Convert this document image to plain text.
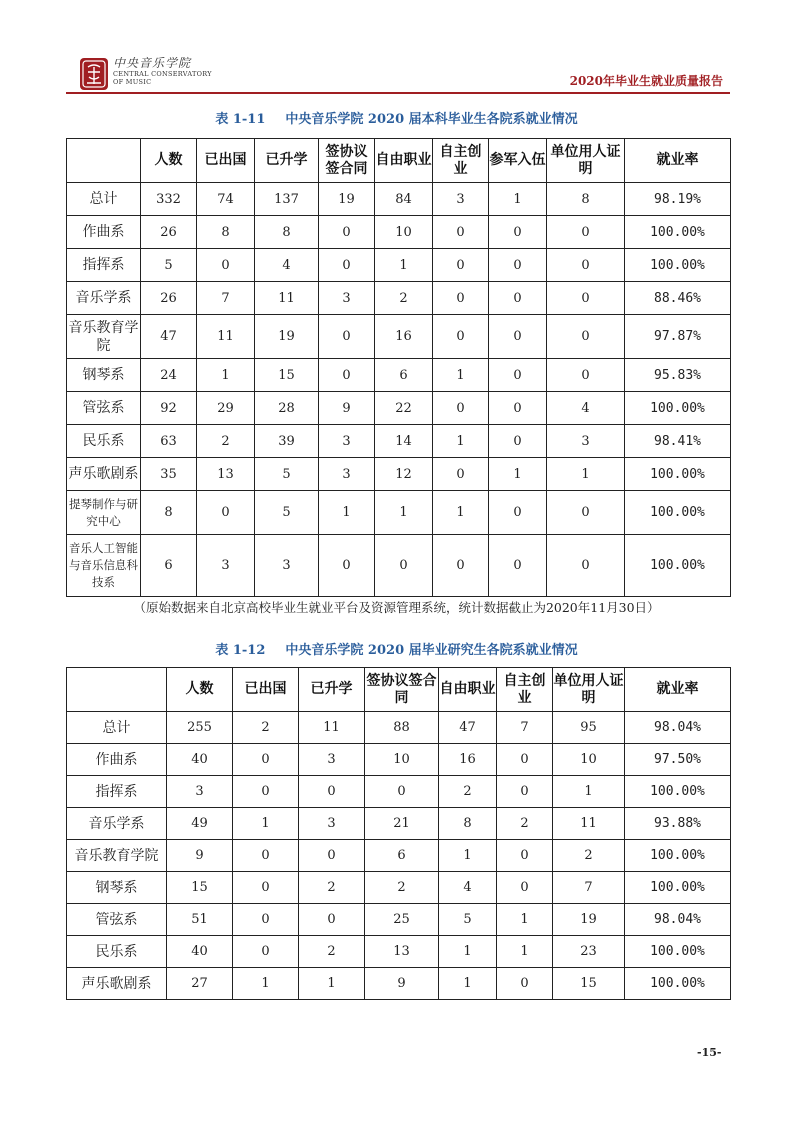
中央音乐学院
CENTRAL CONSERVATORY
OF MUSIC	2020年毕业生就业质量报告
表 1-11 中央音乐学院 2020 届本科毕业生各院系就业情况
	人数	已出国	已升学	签协议签合同	自由职业	自主创业	参军入伍	单位用人证明	就业率
总计	332	74	137	19	84	3	1	8	98.19%
作曲系	26	8	8	0	10	0	0	0	100.00%
指挥系	5	0	4	0	1	0	0	0	100.00%
音乐学系	26	7	11	3	2	0	0	0	88.46%
音乐教育学院	47	11	19	0	16	0	0	0	97.87%
钢琴系	24	1	15	0	6	1	0	0	95.83%
管弦系	92	29	28	9	22	0	0	4	100.00%
民乐系	63	2	39	3	14	1	0	3	98.41%
声乐歌剧系	35	13	5	3	12	0	1	1	100.00%
提琴制作与研究中心	8	0	5	1	1	1	0	0	100.00%
音乐人工智能与音乐信息科技系	6	3	3	0	0	0	0	0	100.00%
（原始数据来自北京高校毕业生就业平台及资源管理系统，统计数据截止为2020年11月30日）
表 1-12 中央音乐学院 2020 届毕业研究生各院系就业情况
	人数	已出国	已升学	签协议签合同	自由职业	自主创业	单位用人证明	就业率
总计	255	2	11	88	47	7	95	98.04%
作曲系	40	0	3	10	16	0	10	97.50%
指挥系	3	0	0	0	2	0	1	100.00%
音乐学系	49	1	3	21	8	2	11	93.88%
音乐教育学院	9	0	0	6	1	0	2	100.00%
钢琴系	15	0	2	2	4	0	7	100.00%
管弦系	51	0	0	25	5	1	19	98.04%
民乐系	40	0	2	13	1	1	23	100.00%
声乐歌剧系	27	1	1	9	1	0	15	100.00%
-15-
